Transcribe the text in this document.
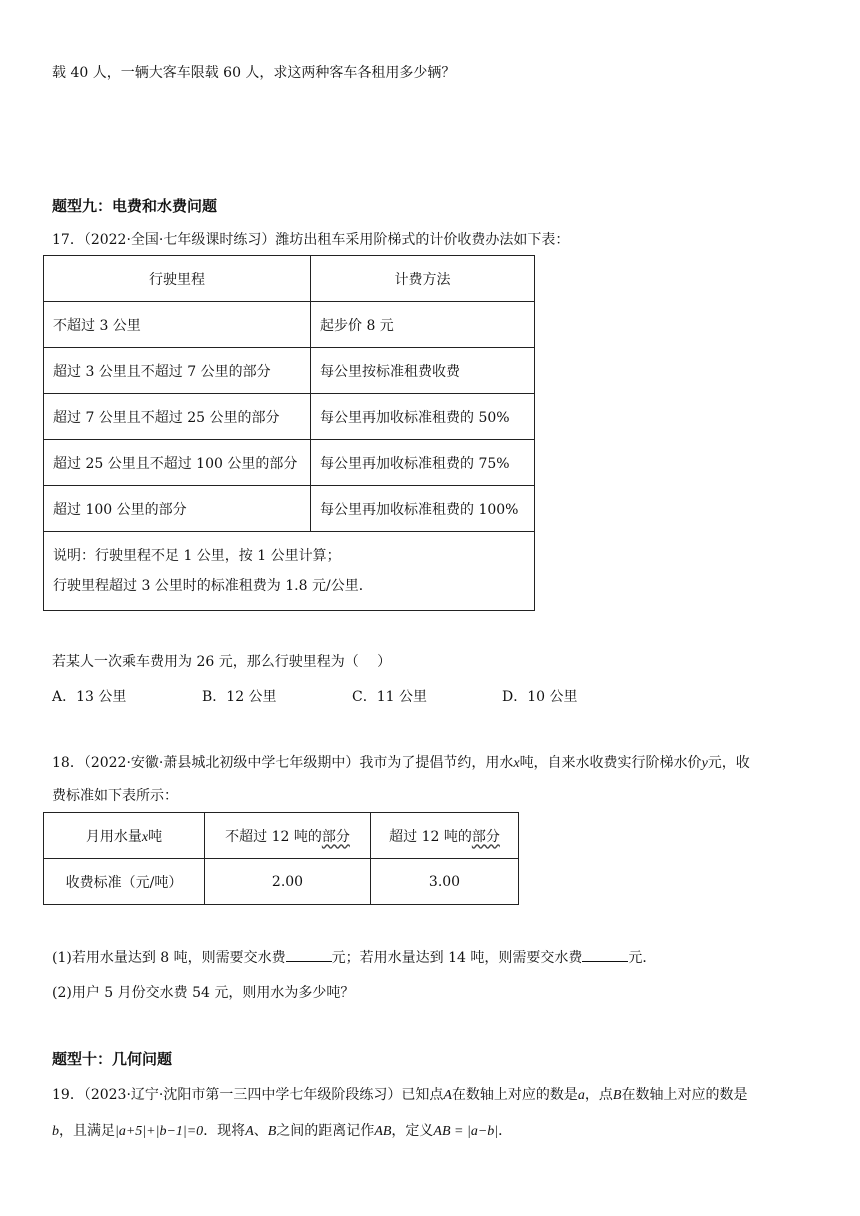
载 40 人，一辆大客车限载 60 人，求这两种客车各租用多少辆？
题型九：电费和水费问题
17．（2022·全国·七年级课时练习）潍坊出租车采用阶梯式的计价收费办法如下表：
行驶里程	计费方法
不超过 3 公里	起步价 8 元
超过 3 公里且不超过 7 公里的部分	每公里按标准租费收费
超过 7 公里且不超过 25 公里的部分	每公里再加收标准租费的 50%
超过 25 公里且不超过 100 公里的部分	每公里再加收标准租费的 75%
超过 100 公里的部分	每公里再加收标准租费的 100%

说明：行驶里程不足 1 公里，按 1 公里计算；
行驶里程超过 3 公里时的标准租费为 1.8 元/公里．	
若某人一次乘车费用为 26 元，那么行驶里程为（　 ）
A．13 公里	B．12 公里	C．11 公里	D．10 公里
18．（2022·安徽·萧县城北初级中学七年级期中）我市为了提倡节约，用水x吨，自来水收费实行阶梯水价y元，收
费标准如下表所示：
月用水量x吨	不超过 12 吨的部分	超过 12 吨的部分
收费标准（元/吨）	2.00	3.00
(1)若用水量达到 8 吨，则需要交水费	元；若用水量达到 14 吨，则需要交水费	元．
(2)用户 5 月份交水费 54 元，则用水为多少吨？
题型十：几何问题
19．（2023·辽宁·沈阳市第一三四中学七年级阶段练习）已知点A在数轴上对应的数是a，点B在数轴上对应的数是
b，且满足|a+5|+|b−1|=0．现将A、B之间的距离记作AB，定义AB = |a−b|．
